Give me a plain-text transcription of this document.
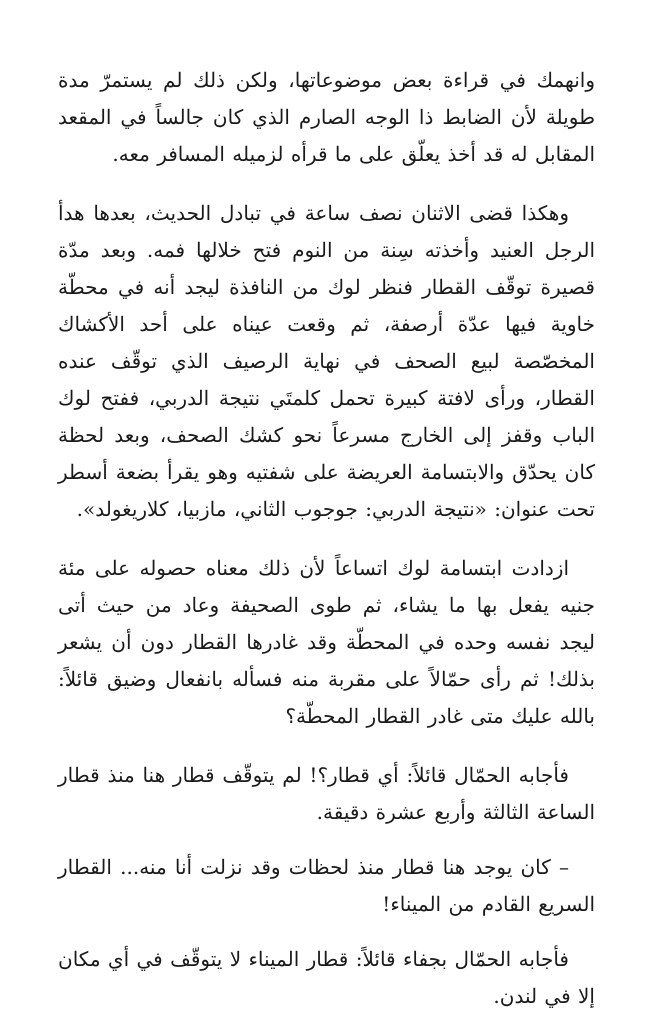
وانهمك في قراءة بعض موضوعاتها، ولكن ذلك لم يستمرّ مدة طويلة لأن الضابط ذا الوجه الصارم الذي كان جالساً في المقعد المقابل له قد أخذ يعلّق على ما قرأه لزميله المسافر معه.

وهكذا قضى الاثنان نصف ساعة في تبادل الحديث، بعدها هدأ الرجل العنيد وأخذته سِنة من النوم فتح خلالها فمه. وبعد مدّة قصيرة توقّف القطار فنظر لوك من النافذة ليجد أنه في محطّة خاوية فيها عدّة أرصفة، ثم وقعت عيناه على أحد الأكشاك المخصّصة لبيع الصحف في نهاية الرصيف الذي توقّف عنده القطار، ورأى لافتة كبيرة تحمل كلمتَي نتيجة الدربي، ففتح لوك الباب وقفز إلى الخارج مسرعاً نحو كشك الصحف، وبعد لحظة كان يحدّق والابتسامة العريضة على شفتيه وهو يقرأ بضعة أسطر تحت عنوان: «نتيجة الدربي: جوجوب الثاني، مازبيا، كلاريغولد».

ازدادت ابتسامة لوك اتساعاً لأن ذلك معناه حصوله على مئة جنيه يفعل بها ما يشاء، ثم طوى الصحيفة وعاد من حيث أتى ليجد نفسه وحده في المحطّة وقد غادرها القطار دون أن يشعر بذلك! ثم رأى حمّالاً على مقربة منه فسأله بانفعال وضيق قائلاً: بالله عليك متى غادر القطار المحطّة؟

فأجابه الحمّال قائلاً: أي قطار؟! لم يتوقّف قطار هنا منذ قطار الساعة الثالثة وأربع عشرة دقيقة.

– كان يوجد هنا قطار منذ لحظات وقد نزلت أنا منه... القطار السريع القادم من الميناء!

فأجابه الحمّال بجفاء قائلاً: قطار الميناء لا يتوقّف في أي مكان إلا في لندن.
